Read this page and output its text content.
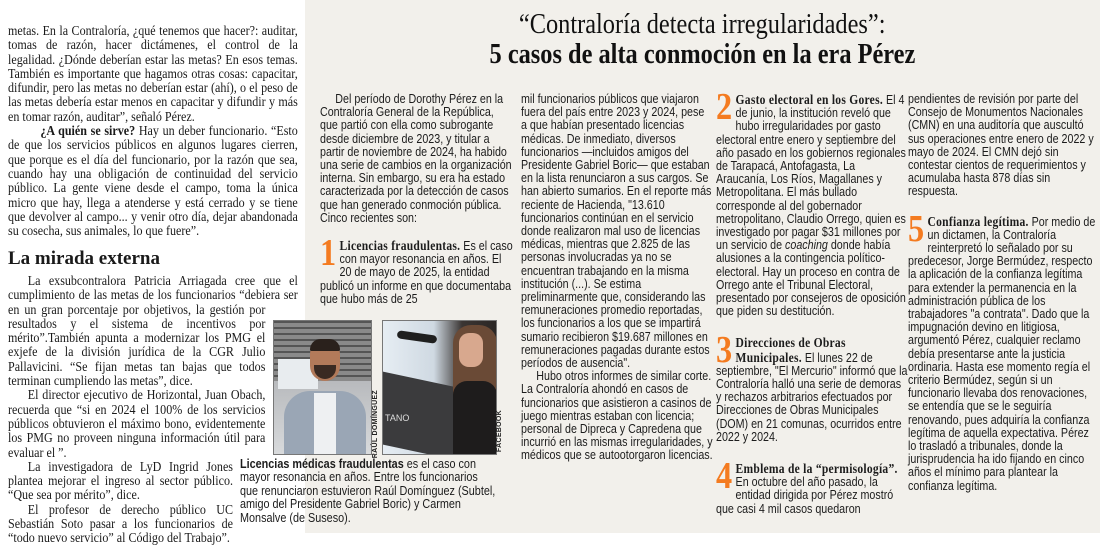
metas. En la Contraloría, ¿qué tenemos que hacer?: auditar, tomas de razón, hacer dictámenes, el control de la legalidad. ¿Dónde deberían estar las metas? En esos temas. También es importante que hagamos otras cosas: capacitar, difundir, pero las metas no deberían estar (ahí), o el peso de las metas debería estar menos en capacitar y difundir y más en tomar razón, auditar”, señaló Pérez.

¿A quién se sirve? Hay un deber funcionario. “Esto de que los servicios públicos en algunos lugares cierren, que porque es el día del funcionario, por la razón que sea, cuando hay una obligación de continuidad del servicio público. La gente viene desde el campo, toma la única micro que hay, llega a atenderse y está cerrado y se tiene que devolver al campo... y venir otro día, dejar abandonada su cosecha, sus animales, lo que fuere”.

La mirada externa

La exsubcontralora Patricia Arriagada cree que el cumplimiento de las metas de los funcionarios “debiera ser en un gran porcentaje por objetivos, la gestión por resultados y el sistema de incentivos por mérito”.También apunta a modernizar los PMG el exjefe de la división jurídica de la CGR Julio Pallavicini. “Se fijan metas tan bajas que todos terminan cumpliendo las metas”, dice.

El director ejecutivo de Horizontal, Juan Obach, recuerda que “si en 2024 el 100% de los servicios públicos obtuvieron el máximo bono, evidentemente los PMG no proveen ninguna información útil para evaluar el ”.

La investigadora de LyD Ingrid Jones plantea mejorar el ingreso al sector público. “Que sea por mérito”, dice.

El profesor de derecho público UC Sebastián Soto pasar a los funcionarios de “todo nuevo servicio” al Código del Trabajo”.

“Contraloría detecta irregularidades”:
5 casos de alta conmoción en la era Pérez

Del período de Dorothy Pérez en la Contraloría General de la República, que partió con ella como subrogante desde diciembre de 2023, y titular a partir de noviembre de 2024, ha habido una serie de cambios en la organización interna. Sin embargo, su era ha estado caracterizada por la detección de casos que han generado conmoción pública. Cinco recientes son:

1 Licencias fraudulentas. Es el caso con mayor resonancia en años. El 20 de mayo de 2025, la entidad publicó un informe en que documentaba que hubo más de 25

mil funcionarios públicos que viajaron fuera del país entre 2023 y 2024, pese a que habían presentado licencias médicas. De inmediato, diversos funcionarios —incluidos amigos del Presidente Gabriel Boric— que estaban en la lista renunciaron a sus cargos. Se han abierto sumarios. En el reporte más reciente de Hacienda, "13.610 funcionarios continúan en el servicio donde realizaron mal uso de licencias médicas, mientras que 2.825 de las personas involucradas ya no se encuentran trabajando en la misma institución (...). Se estima preliminarmente que, considerando las remuneraciones promedio reportadas, los funcionarios a los que se impartirá sumario recibieron $19.687 millones en remuneraciones pagadas durante estos períodos de ausencia".

Hubo otros informes de similar corte. La Contraloría ahondó en casos de funcionarios que asistieron a casinos de juego mientras estaban con licencia; personal de Dipreca y Capredena que incurrió en las mismas irregularidades, y médicos que se autootorgaron licencias.

2 Gasto electoral en los Gores. El 4 de junio, la institución reveló que hubo irregularidades por gasto electoral entre enero y septiembre del año pasado en los gobiernos regionales de Tarapacá, Antofagasta, La Araucanía, Los Ríos, Magallanes y Metropolitana. El más bullado corresponde al del gobernador metropolitano, Claudio Orrego, quien es investigado por pagar $31 millones por un servicio de coaching donde había alusiones a la contingencia político-electoral. Hay un proceso en contra de Orrego ante el Tribunal Electoral, presentado por consejeros de oposición que piden su destitución.
3 Direcciones de Obras Municipales. El lunes 22 de septiembre, "El Mercurio" informó que la Contraloría halló una serie de demoras y rechazos arbitrarios efectuados por Direcciones de Obras Municipales (DOM) en 21 comunas, ocurridos entre 2022 y 2024.
4 Emblema de la “permisología”. En octubre del año pasado, la entidad dirigida por Pérez mostró que casi 4 mil casos quedaron

pendientes de revisión por parte del Consejo de Monumentos Nacionales (CMN) en una auditoría que auscultó sus operaciones entre enero de 2022 y mayo de 2024. El CMN dejó sin contestar cientos de requerimientos y acumulaba hasta 878 días sin respuesta.

5 Confianza legítima. Por medio de un dictamen, la Contraloría reinterpretó lo señalado por su predecesor, Jorge Bermúdez, respecto la aplicación de la confianza legítima para extender la permanencia en la administración pública de los trabajadores "a contrata". Dado que la impugnación devino en litigiosa, argumentó Pérez, cualquier reclamo debía presentarse ante la justicia ordinaria. Hasta ese momento regía el criterio Bermúdez, según si un funcionario llevaba dos renovaciones, se entendía que se le seguiría renovando, pues adquiría la confianza legítima de aquella expectativa. Pérez lo trasladó a tribunales, donde la jurisprudencia ha ido fijando en cinco años el mínimo para plantear la confianza legítima.
RAÚL DOMÍNGUEZ TANO	FACEBOOK
Licencias médicas fraudulentas es el caso con mayor resonancia en años. Entre los funcionarios que renunciaron estuvieron Raúl Domínguez (Subtel, amigo del Presidente Gabriel Boric) y Carmen Monsalve (de Suseso).
